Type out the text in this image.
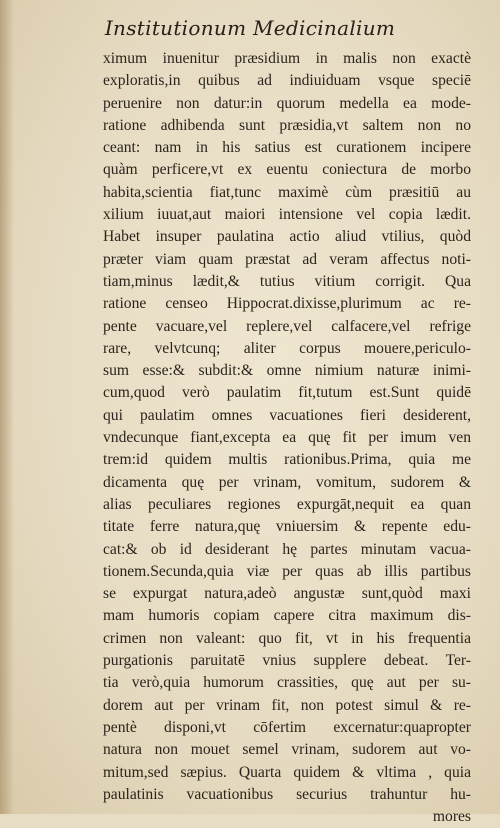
Institutionum Medicinalium
ximum inuenitur præsidium in malis non exactè
exploratis,in quibus ad indiuiduam vsque speciē
peruenire non datur:in quorum medella ea mode-
ratione adhibenda sunt præsidia,vt saltem non no
ceant: nam in his satius est curationem incipere
quàm perficere,vt ex euentu coniectura de morbo
habita,scientia fiat,tunc maximè cùm præsitiū au
xilium iuuat,aut maiori intensione vel copia lædit.
Habet insuper paulatina actio aliud vtilius, quòd
præter viam quam præstat ad veram affectus noti-
tiam,minus lædit,& tutius vitium corrigit. Qua
ratione censeo Hippocrat.dixisse,plurimum ac re-
pente vacuare,vel replere,vel calfacere,vel refrige
rare, velvtcunq; aliter corpus mouere,periculo-
sum esse:& subdit:& omne nimium naturæ inimi-
cum,quod verò paulatim fit,tutum est.Sunt quidē
qui paulatim omnes vacuationes fieri desiderent,
vndecunque fiant,excepta ea quę fit per imum ven
trem:id quidem multis rationibus.Prima, quia me
dicamenta quę per vrinam, vomitum, sudorem &
alias peculiares regiones expurgāt,nequit ea quan
titate ferre natura,quę vniuersim & repente edu-
cat:& ob id desiderant hę partes minutam vacua-
tionem.Secunda,quia viæ per quas ab illis partibus
se expurgat natura,adeò angustæ sunt,quòd maxi
mam humoris copiam capere citra maximum dis-
crimen non valeant: quo fit, vt in his frequentia
purgationis paruitatē vnius supplere debeat. Ter-
tia verò,quia humorum crassities, quę aut per su-
dorem aut per vrinam fit, non potest simul & re-
pentè disponi,vt cōfertim excernatur:quapropter
natura non mouet semel vrinam, sudorem aut vo-
mitum,sed sæpius. Quarta quidem & vltima , quia
paulatinis vacuationibus securius trahuntur hu-
mores
